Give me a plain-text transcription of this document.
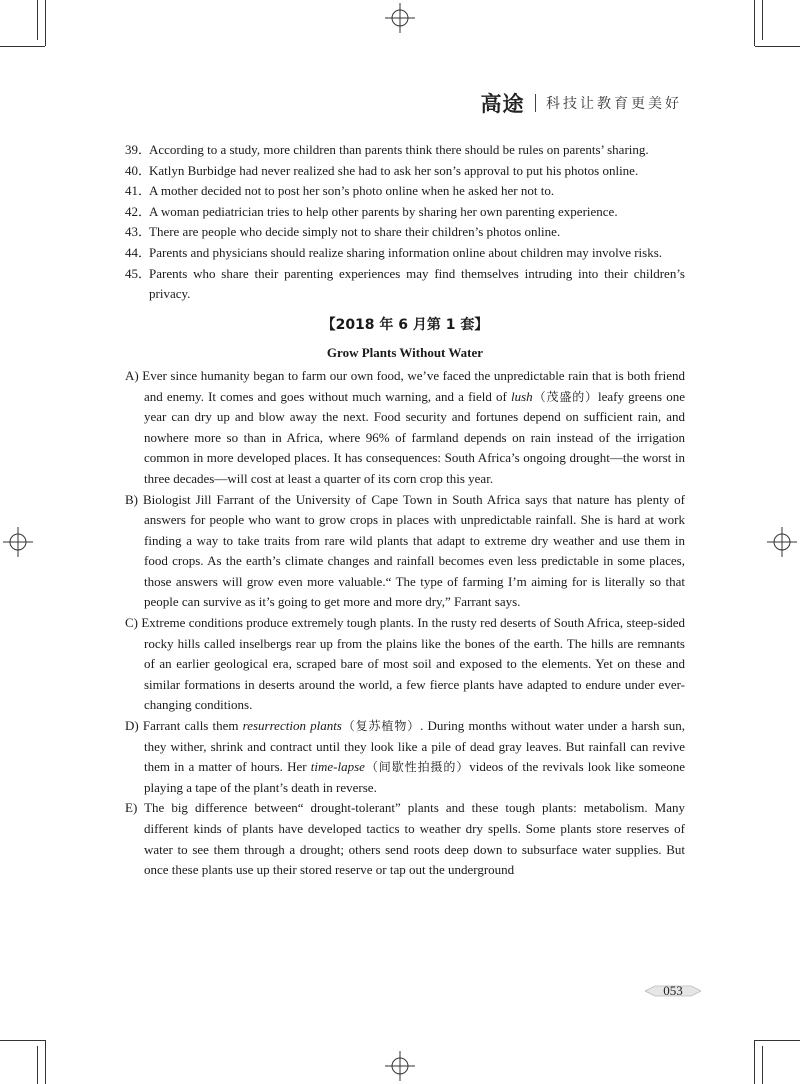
高途 科技让教育更美好

39．According to a study, more children than parents think there should be rules on parents’ sharing.

40．Katlyn Burbidge had never realized she had to ask her son’s approval to put his photos online.

41．A mother decided not to post her son’s photo online when he asked her not to.

42．A woman pediatrician tries to help other parents by sharing her own parenting experience.

43．There are people who decide simply not to share their children’s photos online.

44．Parents and physicians should realize sharing information online about children may involve risks.

45．Parents who share their parenting experiences may find themselves intruding into their children’s privacy.

【2018 年 6 月第 1 套】
Grow Plants Without Water

A) Ever since humanity began to farm our own food, we’ve faced the unpredictable rain that is both friend and enemy. It comes and goes without much warning, and a field of lush（茂盛的）leafy greens one year can dry up and blow away the next. Food security and fortunes depend on sufficient rain, and nowhere more so than in Africa, where 96% of farmland depends on rain instead of the irrigation common in more developed places. It has consequences: South Africa’s ongoing drought—the worst in three decades—will cost at least a quarter of its corn crop this year.

B) Biologist Jill Farrant of the University of Cape Town in South Africa says that nature has plenty of answers for people who want to grow crops in places with unpredictable rainfall. She is hard at work finding a way to take traits from rare wild plants that adapt to extreme dry weather and use them in food crops. As the earth’s climate changes and rainfall becomes even less predictable in some places, those answers will grow even more valuable.“ The type of farming I’m aiming for is literally so that people can survive as it’s going to get more and more dry,” Farrant says.

C) Extreme conditions produce extremely tough plants. In the rusty red deserts of South Africa, steep-sided rocky hills called inselbergs rear up from the plains like the bones of the earth. The hills are remnants of an earlier geological era, scraped bare of most soil and exposed to the elements. Yet on these and similar formations in deserts around the world, a few fierce plants have adapted to endure under ever-changing conditions.

D) Farrant calls them resurrection plants（复苏植物）. During months without water under a harsh sun, they wither, shrink and contract until they look like a pile of dead gray leaves. But rainfall can revive them in a matter of hours. Her time-lapse（间歇性拍摄的）videos of the revivals look like someone playing a tape of the plant’s death in reverse.

E) The big difference between“ drought-tolerant” plants and these tough plants: metabolism. Many different kinds of plants have developed tactics to weather dry spells. Some plants store reserves of water to see them through a drought; others send roots deep down to subsurface water supplies. But once these plants use up their stored reserve or tap out the underground

053
